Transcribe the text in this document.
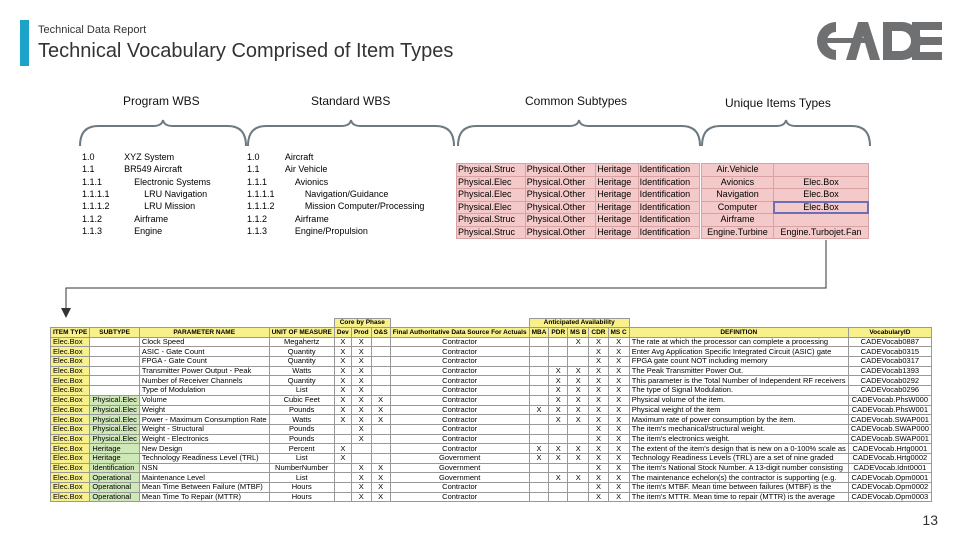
Technical Data Report
Technical Vocabulary Comprised of Item Types
Program WBS	Standard WBS	Common Subtypes	Unique Items Types
1.0	XYZ System
1.1	BR549 Aircraft
1.1.1	Electronic Systems
1.1.1.1	LRU Navigation
1.1.1.2	LRU Mission
1.1.2	Airframe
1.1.3	Engine
1.0	Aircraft
1.1	Air Vehicle
1.1.1	Avionics
1.1.1.1	Navigation/Guidance
1.1.1.2	Mission Computer/Processing
1.1.2	Airframe
1.1.3	Engine/Propulsion
Physical.Struc	Physical.Other	Heritage	Identification
Physical.Elec	Physical.Other	Heritage	Identification
Physical.Elec	Physical.Other	Heritage	Identification
Physical.Elec	Physical.Other	Heritage	Identification
Physical.Struc	Physical.Other	Heritage	Identification
Physical.Struc	Physical.Other	Heritage	Identification
Air.Vehicle	
Avionics	Elec.Box
Navigation	Elec.Box
Computer	Elec.Box
Airframe	
Engine.Turbine	Engine.Turbojet.Fan
				Core by Phase				Anticipated Availability						
ITEM TYPE	SUBTYPE	PARAMETER NAME	UNIT OF MEASURE	Dev	Prod	O&S	Final Authoritative Data Source For Actuals	MBA	PDR	MS B	CDR	MS C	DEFINITION	VocabularyID
Elec.Box		Clock Speed	Megahertz	X	X		Contractor			X	X	X	The rate at which the processor can complete a processing	CADEVocab0887
Elec.Box		ASIC - Gate Count	Quantity	X	X		Contractor				X	X	Enter Avg Application Specific Integrated Circuit (ASIC) gate	CADEVocab0315
Elec.Box		FPGA - Gate Count	Quantity	X	X		Contractor				X	X	FPGA gate count NOT including memory	CADEVocab0317
Elec.Box		Transmitter Power Output - Peak	Watts	X	X		Contractor		X	X	X	X	The Peak Transmitter Power Out.	CADEVocab1393
Elec.Box		Number of Receiver Channels	Quantity	X	X		Contractor		X	X	X	X	This parameter is the Total Number of Independent RF receivers	CADEVocab0292
Elec.Box		Type of Modulation	List	X	X		Contractor		X	X	X	X	The type of Signal Modulation.	CADEVocab0296
Elec.Box	Physical.Elec	Volume	Cubic Feet	X	X	X	Contractor		X	X	X	X	Physical volume of the item.	CADEVocab.PhsW000
Elec.Box	Physical.Elec	Weight	Pounds	X	X	X	Contractor	X	X	X	X	X	Physical weight of the item	CADEVocab.PhsW001
Elec.Box	Physical.Elec	Power - Maximum Consumption Rate	Watts	X	X	X	Contractor		X	X	X	X	Maximum rate of power consumption by the item.	CADEVocab.SWAP001
Elec.Box	Physical.Elec	Weight - Structural	Pounds		X		Contractor				X	X	The item's mechanical/structural weight.	CADEVocab.SWAP000
Elec.Box	Physical.Elec	Weight - Electronics	Pounds		X		Contractor				X	X	The item's electronics weight.	CADEVocab.SWAP001
Elec.Box	Heritage	New Design	Percent	X			Contractor	X	X	X	X	X	The extent of the item's design that is new on a 0-100% scale as	CADEVocab.Hrtg0001
Elec.Box	Heritage	Technology Readiness Level (TRL)	List	X			Government	X	X	X	X	X	Technology Readiness Levels (TRL) are a set of nine graded	CADEVocab.Hrtg0002
Elec.Box	Identification	NSN	NumberNumber		X	X	Government				X	X	The item's National Stock Number. A 13-digit number consisting	CADEVocab.Idnt0001
Elec.Box	Operational	Maintenance Level	List		X	X	Government		X	X	X	X	The maintenance echelon(s) the contractor is supporting (e.g.	CADEVocab.Opm0001
Elec.Box	Operational	Mean Time Between Failure (MTBF)	Hours		X	X	Contractor				X	X	The item's MTBF. Mean time between failures (MTBF) is the	CADEVocab.Opm0002
Elec.Box	Operational	Mean Time To Repair (MTTR)	Hours		X	X	Contractor				X	X	The item's MTTR. Mean time to repair (MTTR) is the average	CADEVocab.Opm0003
13
